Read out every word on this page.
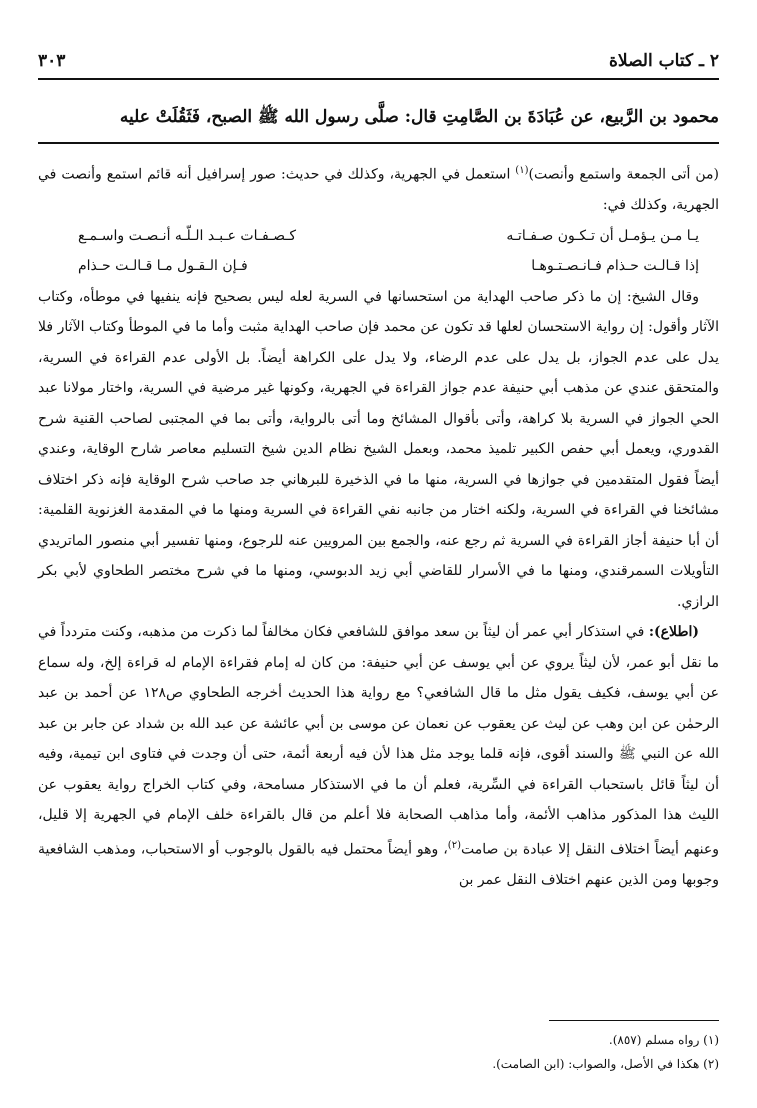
٢ ـ كتاب الصلاة
٣٠٣
محمود بن الرَّبيع، عن عُبَادَةَ بن الصَّامِتِ قال: صلَّى رسول الله ﷺ الصبح، فَثَقُلَتْ عليه

(من أتى الجمعة واستمع وأنصت)$^{(١)}$ استعمل في الجهرية، وكذلك في حديث: صور إسرافيل أنه قائم استمع وأنصت في الجهرية، وكذلك في:

يـا مـن يـؤمـل أن تـكـون صـفـاتـه
كـصـفـات عـبـد الـلّـه أنـصـت واسـمـع
إذا قـالـت حـذام فـانـصـتـوهـا
فـإن الـقـول مـا قـالـت حـذام

وقال الشيخ: إن ما ذكر صاحب الهداية من استحسانها في السرية لعله ليس بصحيح فإنه ينفيها في موطأه، وكتاب الآثار وأقول: إن رواية الاستحسان لعلها قد تكون عن محمد فإن صاحب الهداية مثبت وأما ما في الموطأ وكتاب الآثار فلا يدل على عدم الجواز، بل يدل على عدم الرضاء، ولا يدل على الكراهة أيضاً. بل الأولى عدم القراءة في السرية، والمتحقق عندي عن مذهب أبي حنيفة عدم جواز القراءة في الجهرية، وكونها غير مرضية في السرية، واختار مولانا عبد الحي الجواز في السرية بلا كراهة، وأتى بأقوال المشائخ وما أتى بالرواية، وأتى بما في المجتبى لصاحب القنية شرح القدوري، ويعمل أبي حفص الكبير تلميذ محمد، وبعمل الشيخ نظام الدين شيخ التسليم معاصر شارح الوقاية، وعندي أيضاً فقول المتقدمين في جوازها في السرية، منها ما في الذخيرة للبرهاني جد صاحب شرح الوقاية فإنه ذكر اختلاف مشائخنا في القراءة في السرية، ولكنه اختار من جانبه نفي القراءة في السرية ومنها ما في المقدمة الغزنوية القلمية: أن أبا حنيفة أجاز القراءة في السرية ثم رجع عنه، والجمع بين المرويين عنه للرجوع، ومنها تفسير أبي منصور الماتريدي التأويلات السمرقندي، ومنها ما في الأسرار للقاضي أبي زيد الدبوسي، ومنها ما في شرح مختصر الطحاوي لأبي بكر الرازي.

(اطلاع): في استذكار أبي عمر أن ليثاً بن سعد موافق للشافعي فكان مخالفاً لما ذكرت من مذهبه، وكنت متردداً في ما نقل أبو عمر، لأن ليثاً يروي عن أبي يوسف عن أبي حنيفة: من كان له إمام فقراءة الإمام له قراءة إلخ، وله سماع عن أبي يوسف، فكيف يقول مثل ما قال الشافعي؟ مع رواية هذا الحديث أخرجه الطحاوي ص١٢٨ عن أحمد بن عبد الرحمٰن عن ابن وهب عن ليث عن يعقوب عن نعمان عن موسى بن أبي عائشة عن عبد الله بن شداد عن جابر بن عبد الله عن النبي ﷺ والسند أقوى، فإنه قلما يوجد مثل هذا لأن فيه أربعة أئمة، حتى أن وجدت في فتاوى ابن تيمية، وفيه أن ليثاً قائل باستحباب القراءة في السِّرية، فعلم أن ما في الاستذكار مسامحة، وفي كتاب الخراج رواية يعقوب عن الليث هذا المذكور مذاهب الأئمة، وأما مذاهب الصحابة فلا أعلم من قال بالقراءة خلف الإمام في الجهرية إلا قليل، وعنهم أيضاً اختلاف النقل إلا عبادة بن صامت$^{(٢)}$، وهو أيضاً محتمل فيه بالقول بالوجوب أو الاستحباب، ومذهب الشافعية وجوبها ومن الذين عنهم اختلاف النقل عمر بن

(١) رواه مسلم (٨٥٧).
(٢) هكذا في الأصل، والصواب: (ابن الصامت).
